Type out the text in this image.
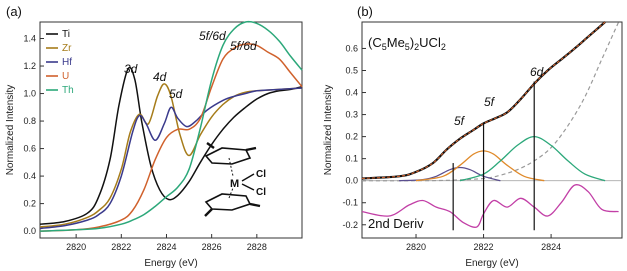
(a)
0.0
0.2
0.4
0.6
0.8
1.0
1.2
1.4
2820	2822	2824	2826	2828
Normalized Intensity
Energy (eV)
Ti
Zr
Hf
U
Th
3d
4d
5d
5f/6d
5f/6d
M
Cl
Cl
(b)
-0.2
-0.1
0.0
0.1
0.2
0.3
0.4
0.5
0.6
2820	2822	2824
Normalized Intensity
Energy (eV)
$(C_5Me_5)_2UCl_2$
5f
5f
6d
2nd Deriv
